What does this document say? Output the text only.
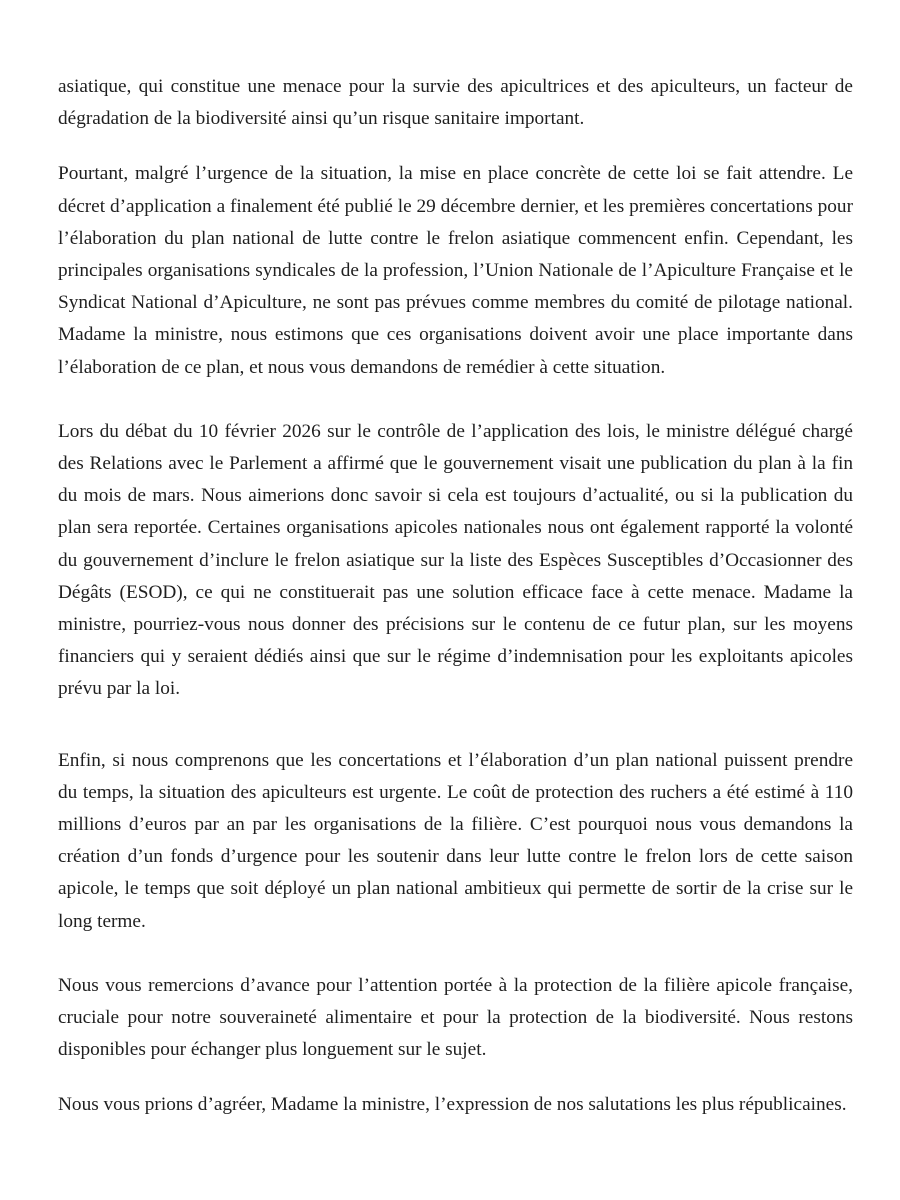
asiatique, qui constitue une menace pour la survie des apicultrices et des apiculteurs, un facteur de dégradation de la biodiversité ainsi qu’un risque sanitaire important.

Pourtant, malgré l’urgence de la situation, la mise en place concrète de cette loi se fait attendre. Le décret d’application a finalement été publié le 29 décembre dernier, et les premières concertations pour l’élaboration du plan national de lutte contre le frelon asiatique commencent enfin. Cependant, les principales organisations syndicales de la profession, l’Union Nationale de l’Apiculture Française et le Syndicat National d’Apiculture, ne sont pas prévues comme membres du comité de pilotage national. Madame la ministre, nous estimons que ces organisations doivent avoir une place importante dans l’élaboration de ce plan, et nous vous demandons de remédier à cette situation.

Lors du débat du 10 février 2026 sur le contrôle de l’application des lois, le ministre délégué chargé des Relations avec le Parlement a affirmé que le gouvernement visait une publication du plan à la fin du mois de mars. Nous aimerions donc savoir si cela est toujours d’actualité, ou si la publication du plan sera reportée. Certaines organisations apicoles nationales nous ont également rapporté la volonté du gouvernement d’inclure le frelon asiatique sur la liste des Espèces Susceptibles d’Occasionner des Dégâts (ESOD), ce qui ne constituerait pas une solution efficace face à cette menace. Madame la ministre, pourriez-vous nous donner des précisions sur le contenu de ce futur plan, sur les moyens financiers qui y seraient dédiés ainsi que sur le régime d’indemnisation pour les exploitants apicoles prévu par la loi.

Enfin, si nous comprenons que les concertations et l’élaboration d’un plan national puissent prendre du temps, la situation des apiculteurs est urgente. Le coût de protection des ruchers a été estimé à 110 millions d’euros par an par les organisations de la filière. C’est pourquoi nous vous demandons la création d’un fonds d’urgence pour les soutenir dans leur lutte contre le frelon lors de cette saison apicole, le temps que soit déployé un plan national ambitieux qui permette de sortir de la crise sur le long terme.

Nous vous remercions d’avance pour l’attention portée à la protection de la filière apicole française, cruciale pour notre souveraineté alimentaire et pour la protection de la biodiversité. Nous restons disponibles pour échanger plus longuement sur le sujet.

Nous vous prions d’agréer, Madame la ministre, l’expression de nos salutations les plus républicaines.
